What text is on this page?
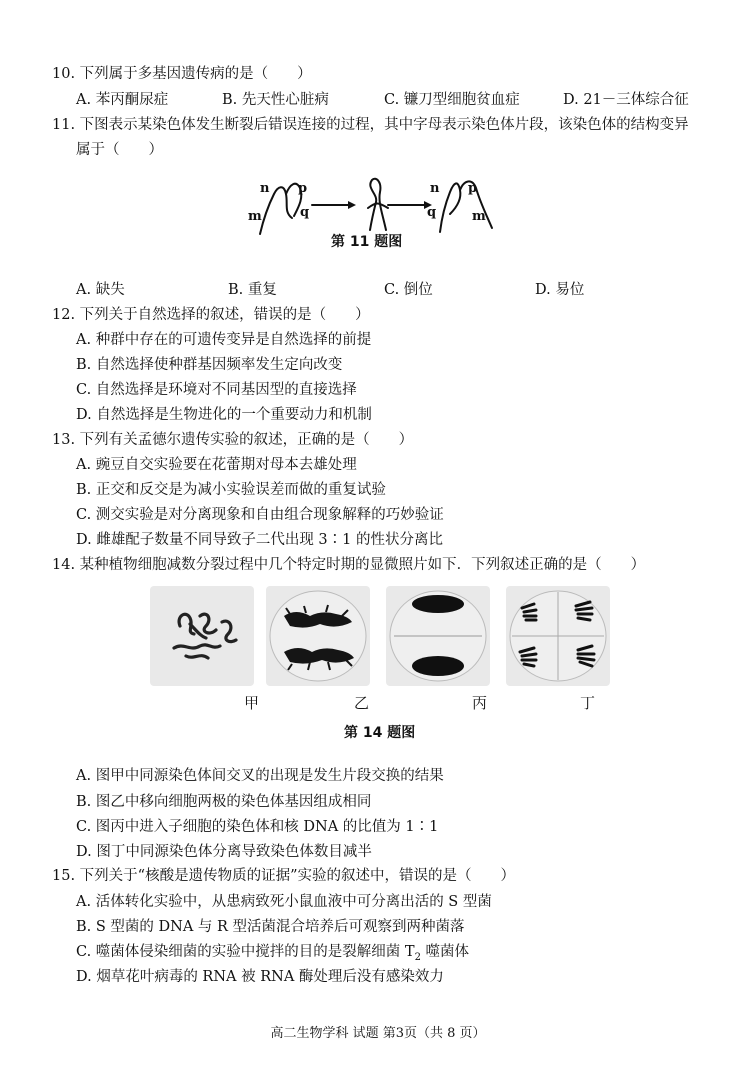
10. 下列属于多基因遗传病的是（　　）
A. 苯丙酮尿症	B. 先天性心脏病	C. 镰刀型细胞贫血症	D. 21－三体综合征
11. 下图表示某染色体发生断裂后错误连接的过程，其中字母表示染色体片段，该染色体的结构变异
属于（　　）
n p
m	q
n p
q	m
第 11 题图
A. 缺失	B. 重复	C. 倒位	D. 易位
12. 下列关于自然选择的叙述，错误的是（　　）
A. 种群中存在的可遗传变异是自然选择的前提
B. 自然选择使种群基因频率发生定向改变
C. 自然选择是环境对不同基因型的直接选择
D. 自然选择是生物进化的一个重要动力和机制
13. 下列有关孟德尔遗传实验的叙述，正确的是（　　）
A. 豌豆自交实验要在花蕾期对母本去雄处理
B. 正交和反交是为减小实验误差而做的重复试验
C. 测交实验是对分离现象和自由组合现象解释的巧妙验证
D. 雌雄配子数量不同导致子二代出现 3∶1 的性状分离比
14. 某种植物细胞减数分裂过程中几个特定时期的显微照片如下．下列叙述正确的是（　　）
甲	乙	丙	丁
第 14 题图
A. 图甲中同源染色体间交叉的出现是发生片段交换的结果
B. 图乙中移向细胞两极的染色体基因组成相同
C. 图丙中进入子细胞的染色体和核 DNA 的比值为 1∶1
D. 图丁中同源染色体分离导致染色体数目减半
15. 下列关于“核酸是遗传物质的证据”实验的叙述中，错误的是（　　）
A. 活体转化实验中，从患病致死小鼠血液中可分离出活的 S 型菌
B. S 型菌的 DNA 与 R 型活菌混合培养后可观察到两种菌落
C. 噬菌体侵染细菌的实验中搅拌的目的是裂解细菌 $T_2$ 噬菌体
D. 烟草花叶病毒的 RNA 被 RNA 酶处理后没有感染效力
高二生物学科 试题 第3页（共 8 页）
